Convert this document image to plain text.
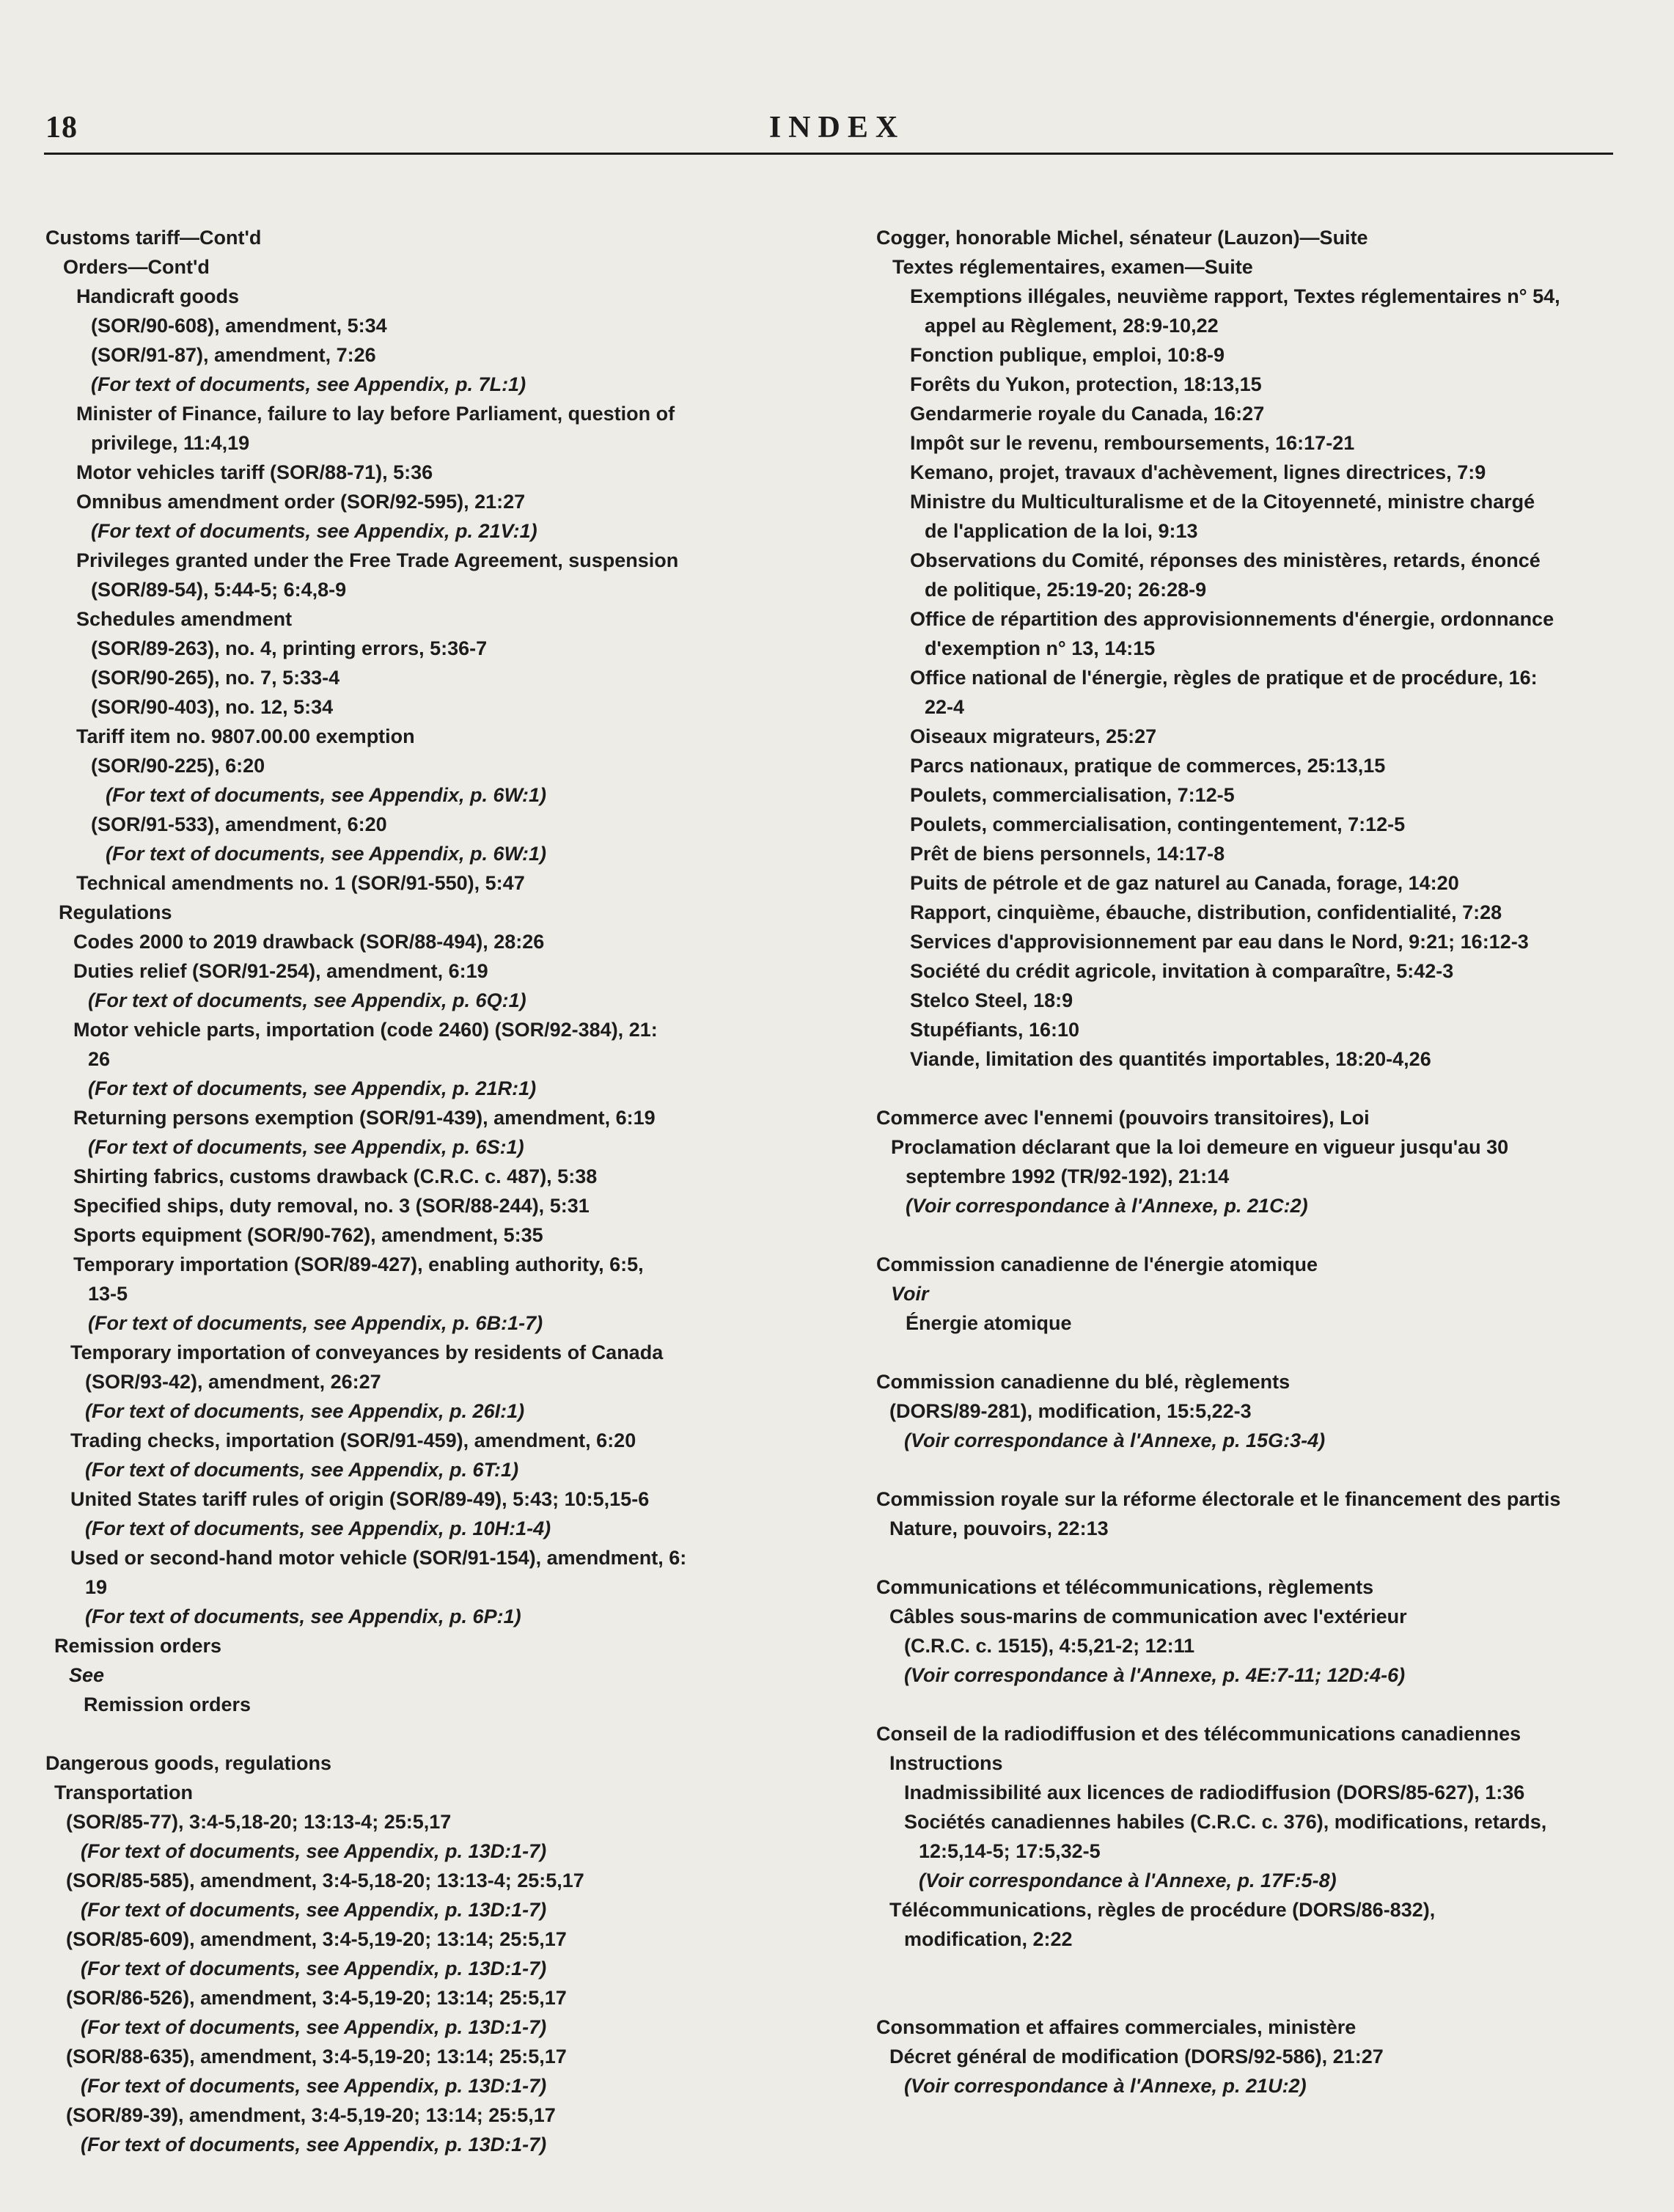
18	INDEX
Customs tariff—Cont'd
Orders—Cont'd
Handicraft goods
(SOR/90-608), amendment, 5:34
(SOR/91-87), amendment, 7:26
(For text of documents, see Appendix, p. 7L:1)
Minister of Finance, failure to lay before Parliament, question of
privilege, 11:4,19
Motor vehicles tariff (SOR/88-71), 5:36
Omnibus amendment order (SOR/92-595), 21:27
(For text of documents, see Appendix, p. 21V:1)
Privileges granted under the Free Trade Agreement, suspension
(SOR/89-54), 5:44-5; 6:4,8-9
Schedules amendment
(SOR/89-263), no. 4, printing errors, 5:36-7
(SOR/90-265), no. 7, 5:33-4
(SOR/90-403), no. 12, 5:34
Tariff item no. 9807.00.00 exemption
(SOR/90-225), 6:20
(For text of documents, see Appendix, p. 6W:1)
(SOR/91-533), amendment, 6:20
(For text of documents, see Appendix, p. 6W:1)
Technical amendments no. 1 (SOR/91-550), 5:47
Regulations
Codes 2000 to 2019 drawback (SOR/88-494), 28:26
Duties relief (SOR/91-254), amendment, 6:19
(For text of documents, see Appendix, p. 6Q:1)
Motor vehicle parts, importation (code 2460) (SOR/92-384), 21:
26
(For text of documents, see Appendix, p. 21R:1)
Returning persons exemption (SOR/91-439), amendment, 6:19
(For text of documents, see Appendix, p. 6S:1)
Shirting fabrics, customs drawback (C.R.C. c. 487), 5:38
Specified ships, duty removal, no. 3 (SOR/88-244), 5:31
Sports equipment (SOR/90-762), amendment, 5:35
Temporary importation (SOR/89-427), enabling authority, 6:5,
13-5
(For text of documents, see Appendix, p. 6B:1-7)
Temporary importation of conveyances by residents of Canada
(SOR/93-42), amendment, 26:27
(For text of documents, see Appendix, p. 26I:1)
Trading checks, importation (SOR/91-459), amendment, 6:20
(For text of documents, see Appendix, p. 6T:1)
United States tariff rules of origin (SOR/89-49), 5:43; 10:5,15-6
(For text of documents, see Appendix, p. 10H:1-4)
Used or second-hand motor vehicle (SOR/91-154), amendment, 6:
19
(For text of documents, see Appendix, p. 6P:1)
Remission orders
See
Remission orders
Dangerous goods, regulations
Transportation
(SOR/85-77), 3:4-5,18-20; 13:13-4; 25:5,17
(For text of documents, see Appendix, p. 13D:1-7)
(SOR/85-585), amendment, 3:4-5,18-20; 13:13-4; 25:5,17
(For text of documents, see Appendix, p. 13D:1-7)
(SOR/85-609), amendment, 3:4-5,19-20; 13:14; 25:5,17
(For text of documents, see Appendix, p. 13D:1-7)
(SOR/86-526), amendment, 3:4-5,19-20; 13:14; 25:5,17
(For text of documents, see Appendix, p. 13D:1-7)
(SOR/88-635), amendment, 3:4-5,19-20; 13:14; 25:5,17
(For text of documents, see Appendix, p. 13D:1-7)
(SOR/89-39), amendment, 3:4-5,19-20; 13:14; 25:5,17
(For text of documents, see Appendix, p. 13D:1-7)
Cogger, honorable Michel, sénateur (Lauzon)—Suite
Textes réglementaires, examen—Suite
Exemptions illégales, neuvième rapport, Textes réglementaires n° 54,
appel au Règlement, 28:9-10,22
Fonction publique, emploi, 10:8-9
Forêts du Yukon, protection, 18:13,15
Gendarmerie royale du Canada, 16:27
Impôt sur le revenu, remboursements, 16:17-21
Kemano, projet, travaux d'achèvement, lignes directrices, 7:9
Ministre du Multiculturalisme et de la Citoyenneté, ministre chargé
de l'application de la loi, 9:13
Observations du Comité, réponses des ministères, retards, énoncé
de politique, 25:19-20; 26:28-9
Office de répartition des approvisionnements d'énergie, ordonnance
d'exemption n° 13, 14:15
Office national de l'énergie, règles de pratique et de procédure, 16:
22-4
Oiseaux migrateurs, 25:27
Parcs nationaux, pratique de commerces, 25:13,15
Poulets, commercialisation, 7:12-5
Poulets, commercialisation, contingentement, 7:12-5
Prêt de biens personnels, 14:17-8
Puits de pétrole et de gaz naturel au Canada, forage, 14:20
Rapport, cinquième, ébauche, distribution, confidentialité, 7:28
Services d'approvisionnement par eau dans le Nord, 9:21; 16:12-3
Société du crédit agricole, invitation à comparaître, 5:42-3
Stelco Steel, 18:9
Stupéfiants, 16:10
Viande, limitation des quantités importables, 18:20-4,26
Commerce avec l'ennemi (pouvoirs transitoires), Loi
Proclamation déclarant que la loi demeure en vigueur jusqu'au 30
septembre 1992 (TR/92-192), 21:14
(Voir correspondance à l'Annexe, p. 21C:2)
Commission canadienne de l'énergie atomique
Voir
Énergie atomique
Commission canadienne du blé, règlements
(DORS/89-281), modification, 15:5,22-3
(Voir correspondance à l'Annexe, p. 15G:3-4)
Commission royale sur la réforme électorale et le financement des partis
Nature, pouvoirs, 22:13
Communications et télécommunications, règlements
Câbles sous-marins de communication avec l'extérieur
(C.R.C. c. 1515), 4:5,21-2; 12:11
(Voir correspondance à l'Annexe, p. 4E:7-11; 12D:4-6)
Conseil de la radiodiffusion et des télécommunications canadiennes
Instructions
Inadmissibilité aux licences de radiodiffusion (DORS/85-627), 1:36
Sociétés canadiennes habiles (C.R.C. c. 376), modifications, retards,
12:5,14-5; 17:5,32-5
(Voir correspondance à l'Annexe, p. 17F:5-8)
Télécommunications, règles de procédure (DORS/86-832),
modification, 2:22
Consommation et affaires commerciales, ministère
Décret général de modification (DORS/92-586), 21:27
(Voir correspondance à l'Annexe, p. 21U:2)
